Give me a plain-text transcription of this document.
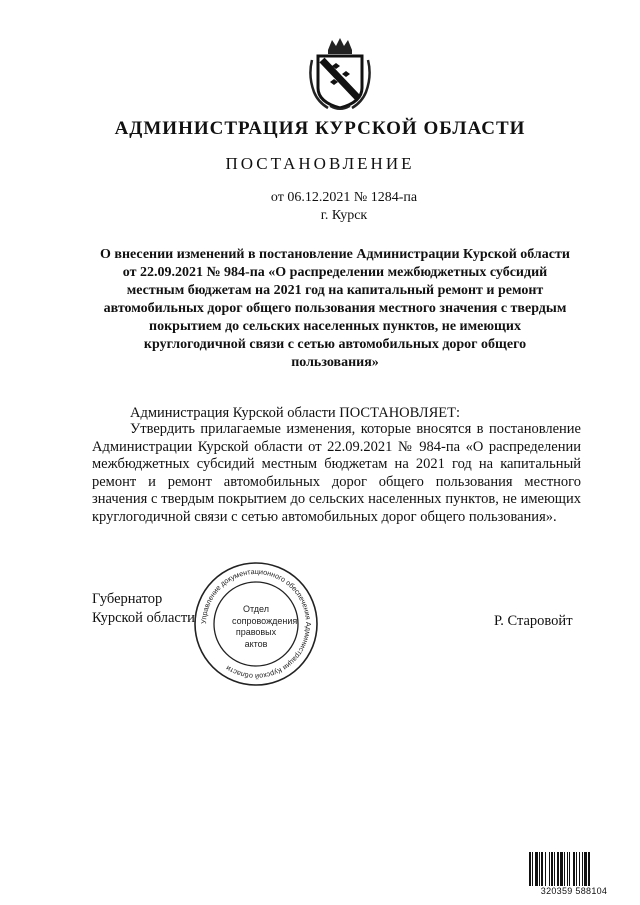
АДМИНИСТРАЦИЯ КУРСКОЙ ОБЛАСТИ
ПОСТАНОВЛЕНИЕ
от 06.12.2021 № 1284-па
г. Курск
О внесении изменений в постановление Администрации Курской области от 22.09.2021 № 984-па «О распределении межбюджетных субсидий местным бюджетам на 2021 год на капитальный ремонт и ремонт автомобильных дорог общего пользования местного значения с твердым покрытием до сельских населенных пунктов, не имеющих круглогодичной связи с сетью автомобильных дорог общего пользования»
Администрация Курской области ПОСТАНОВЛЯЕТ:
Утвердить прилагаемые изменения, которые вносятся в постановление Администрации Курской области от 22.09.2021 № 984-па «О распределении межбюджетных субсидий местным бюджетам на 2021 год на капитальный ремонт и ремонт автомобильных дорог общего пользования местного значения с твердым покрытием до сельских населенных пунктов, не имеющих круглогодичной связи с сетью автомобильных дорог общего пользования».
Губернатор
Курской области	Р. Старовойт
Управление документационного обеспечения Администрации Курской области
Отдел
сопровождения
правовых
актов
320359 588104
